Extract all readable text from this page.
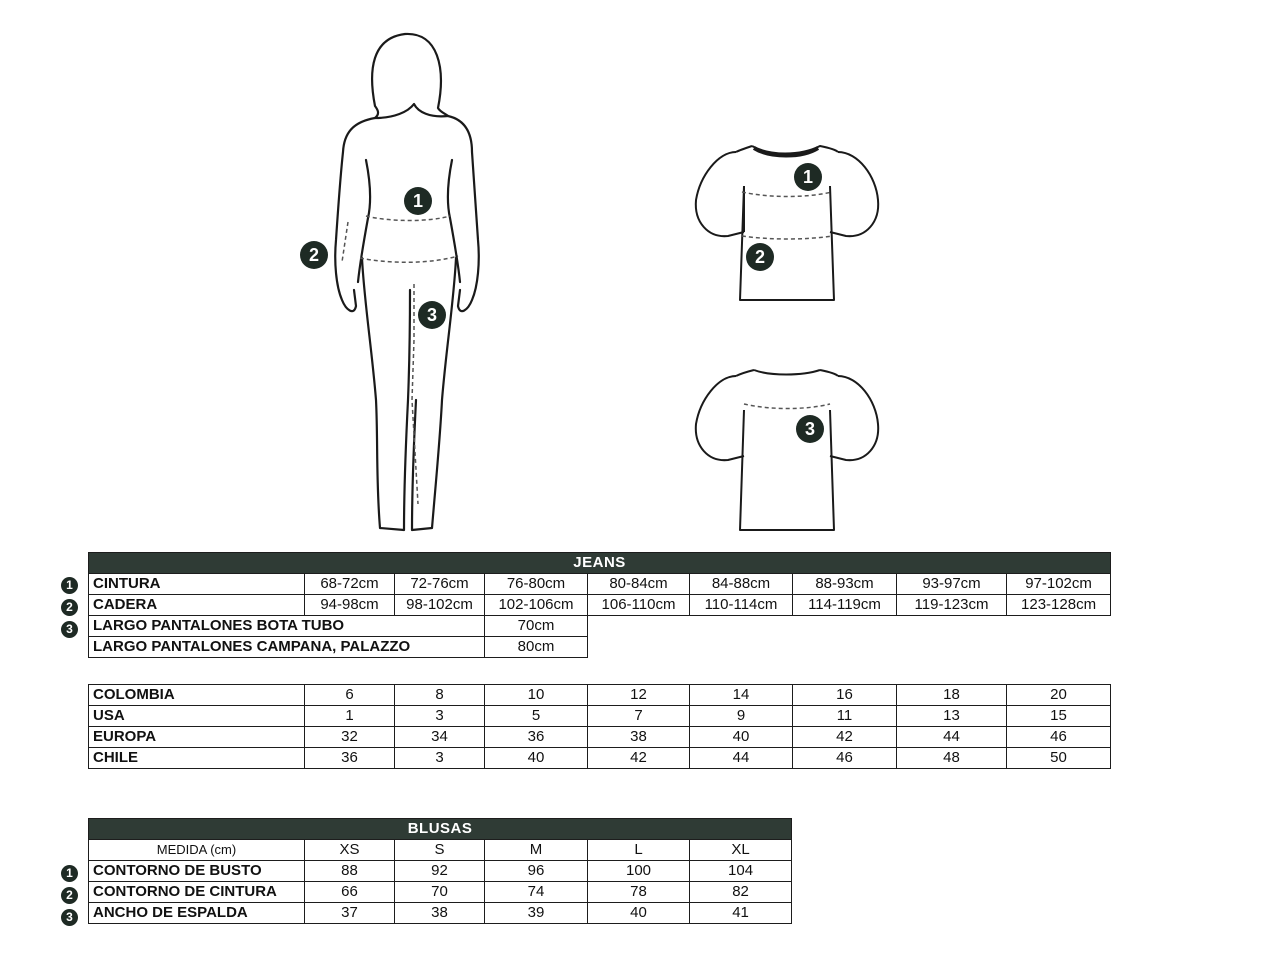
1
2
3
1
2
3
JEANS								
CINTURA	68-72cm	72-76cm	76-80cm	80-84cm	84-88cm	88-93cm	93-97cm	97-102cm
CADERA	94-98cm	98-102cm	102-106cm	106-110cm	110-114cm	114-119cm	119-123cm	123-128cm
LARGO PANTALONES BOTA TUBO			70cm					
LARGO PANTALONES CAMPANA, PALAZZO			80cm					
1
2
3
COLOMBIA	6	8	10	12	14	16	18	20
USA	1	3	5	7	9	11	13	15
EUROPA	32	34	36	38	40	42	44	46
CHILE	36	3	40	42	44	46	48	50
BLUSAS					
MEDIDA (cm)	XS	S	M	L	XL
CONTORNO DE BUSTO	88	92	96	100	104
CONTORNO DE CINTURA	66	70	74	78	82
ANCHO DE ESPALDA	37	38	39	40	41
1
2
3
